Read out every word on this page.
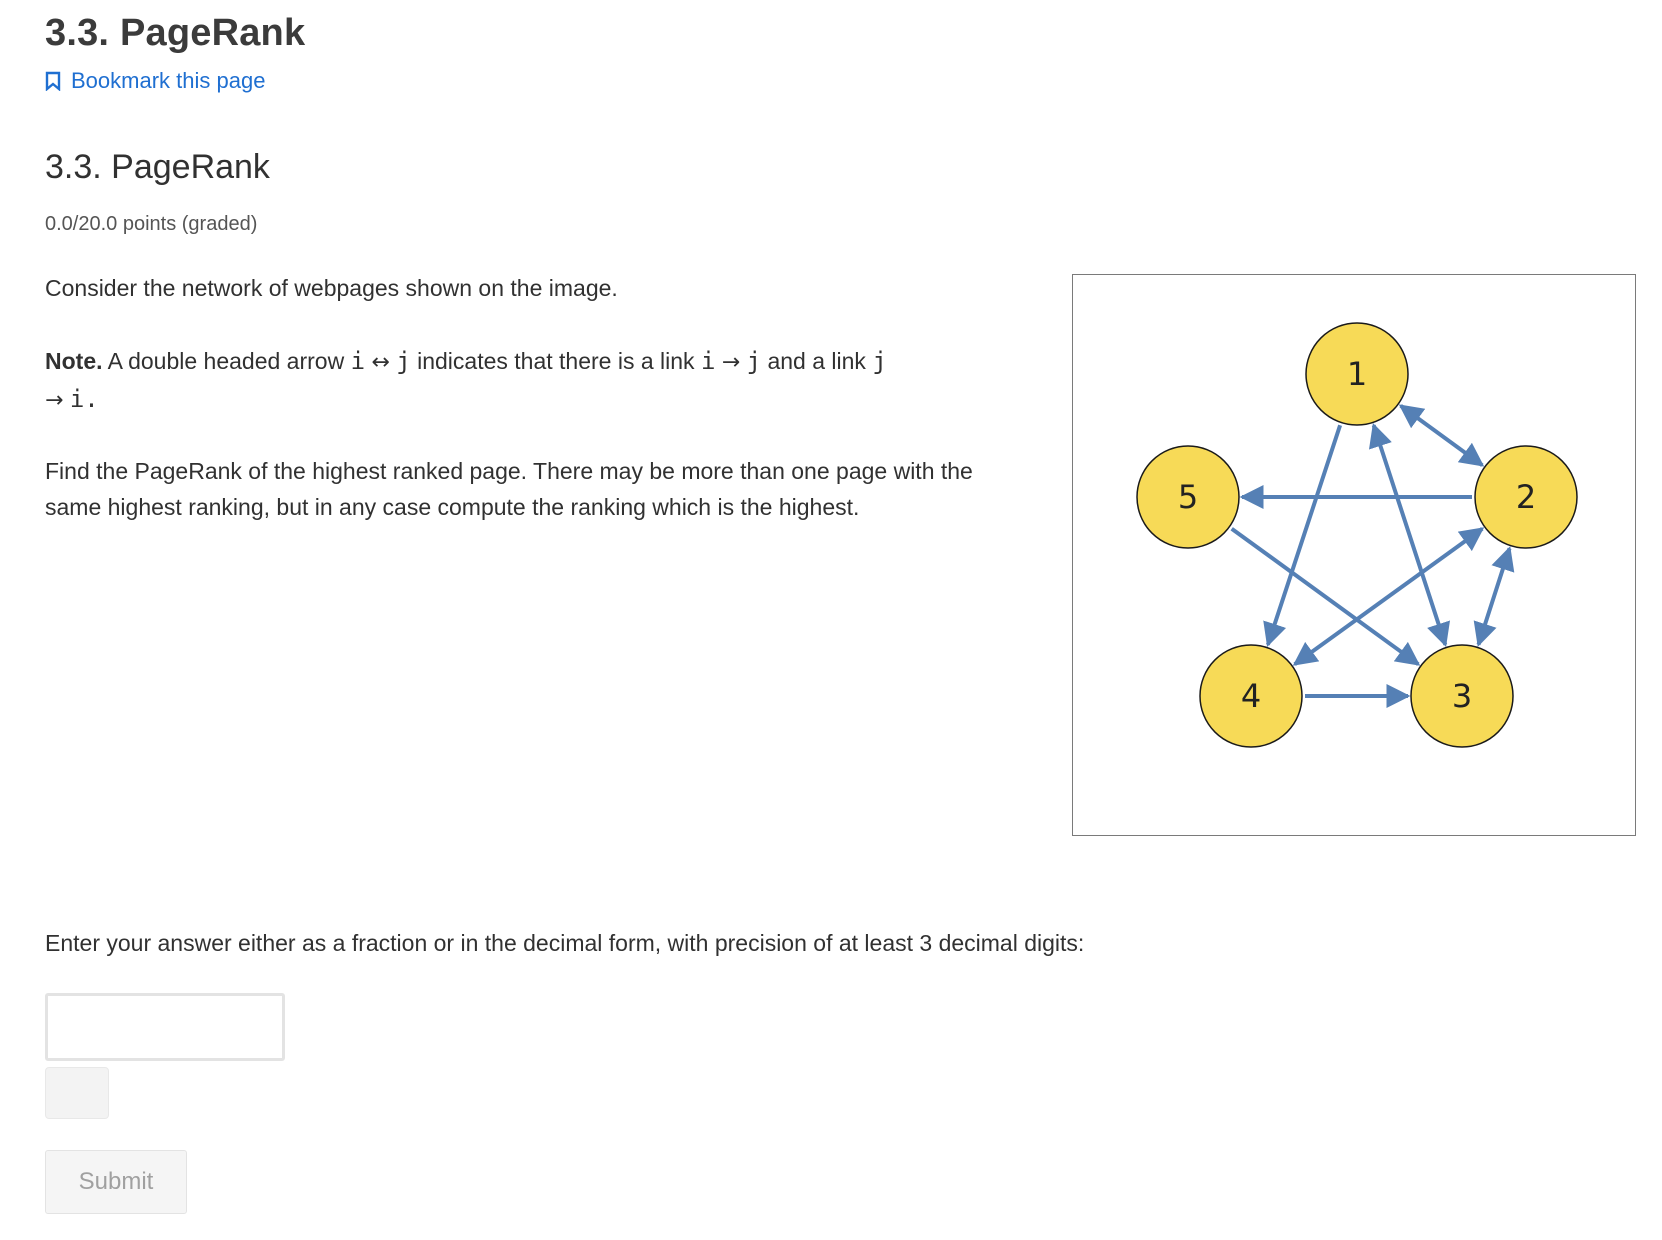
3.3. PageRank
Bookmark this page
3.3. PageRank
0.0/20.0 points (graded)
Consider the network of webpages shown on the image.
Note. A double headed arrow i ↔ j indicates that there is a link i → j and a link j
→ i.
Find the PageRank of the highest ranked page. There may be more than one page with the same highest ranking, but in any case compute the ranking which is the highest.
1
2
3
4
5
Enter your answer either as a fraction or in the decimal form, with precision of at least 3 decimal digits:
Submit
